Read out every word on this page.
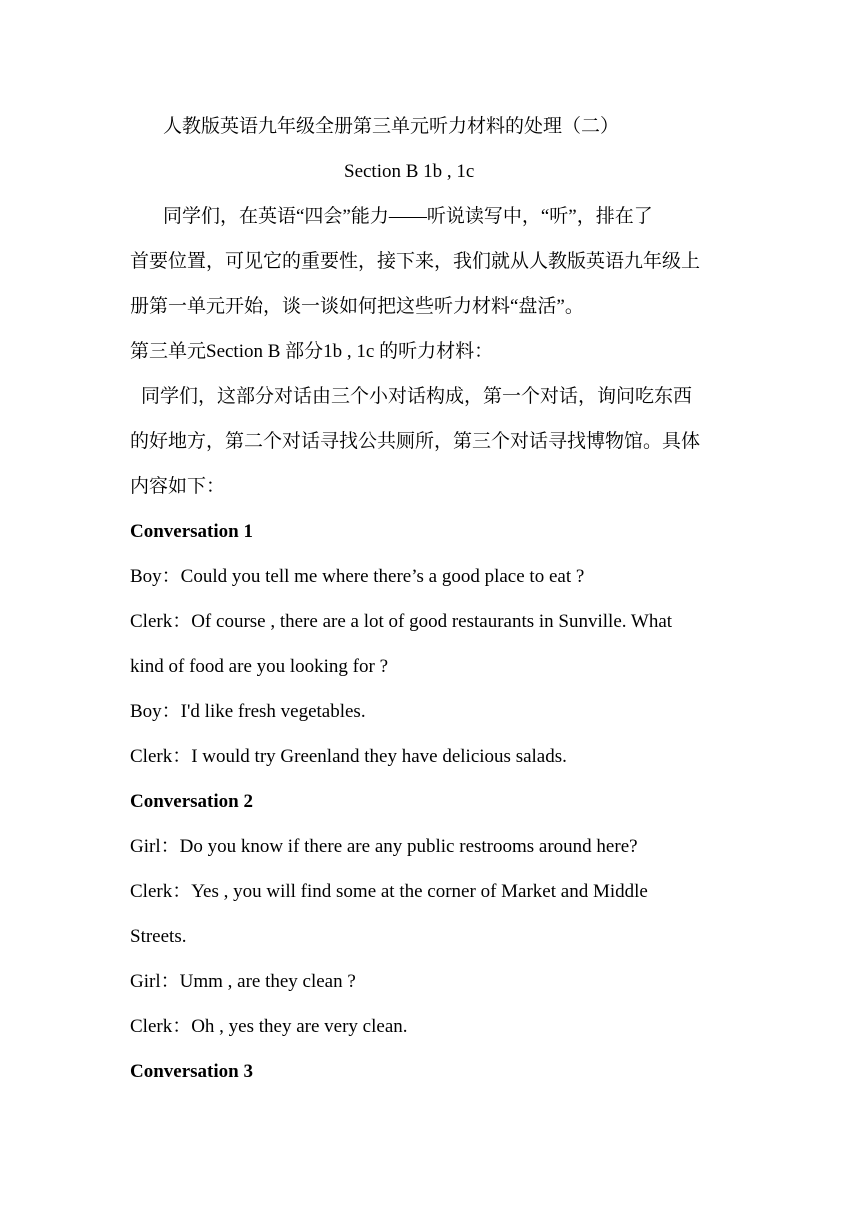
人教版英语九年级全册第三单元听力材料的处理（二）
Section B 1b , 1c
同学们，在英语“四会”能力——听说读写中，“听”，排在了
首要位置，可见它的重要性，接下来，我们就从人教版英语九年级上
册第一单元开始，谈一谈如何把这些听力材料“盘活”。
第三单元Section B 部分1b , 1c 的听力材料：
同学们，这部分对话由三个小对话构成，第一个对话，询问吃东西
的好地方，第二个对话寻找公共厕所，第三个对话寻找博物馆。具体
内容如下：
Conversation 1
Boy：Could you tell me where there’s a good place to eat ?
Clerk：Of course , there are a lot of good restaurants in Sunville. What
kind of food are you looking for ?
Boy：I'd like fresh vegetables.
Clerk：I would try Greenland they have delicious salads.
Conversation 2
Girl：Do you know if there are any public restrooms around here?
Clerk：Yes , you will find some at the corner of Market and Middle
Streets.
Girl：Umm , are they clean ?
Clerk：Oh , yes they are very clean.
Conversation 3
